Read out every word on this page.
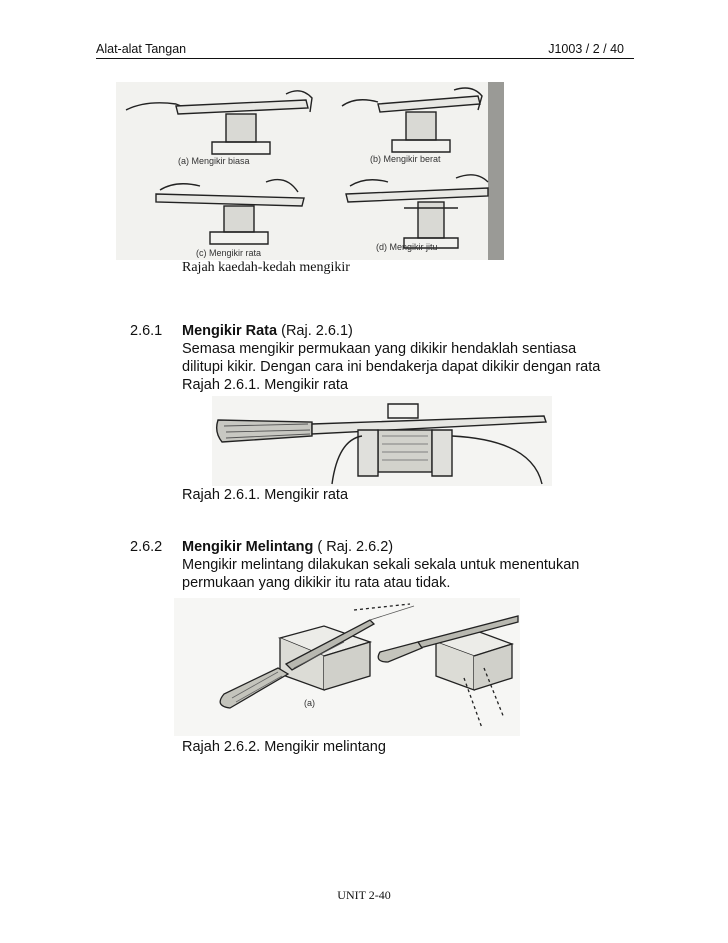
Alat-alat Tangan	J1003 / 2 / 40
(a) Mengikir biasa	(b) Mengikir berat
(c) Mengikir rata
(d) Mengikir jitu
Rajah kaedah-kedah mengikir
2.6.1 Mengikir Rata (Raj. 2.6.1)
Semasa mengikir permukaan yang dikikir hendaklah sentiasa
dilitupi kikir. Dengan cara ini bendakerja dapat dikikir dengan rata
Rajah 2.6.1. Mengikir rata
Rajah 2.6.1. Mengikir rata
2.6.2 Mengikir Melintang ( Raj. 2.6.2)
Mengikir melintang dilakukan sekali sekala untuk menentukan
permukaan yang dikikir itu rata atau tidak.
(a)
Rajah 2.6.2. Mengikir melintang
UNIT 2-40
